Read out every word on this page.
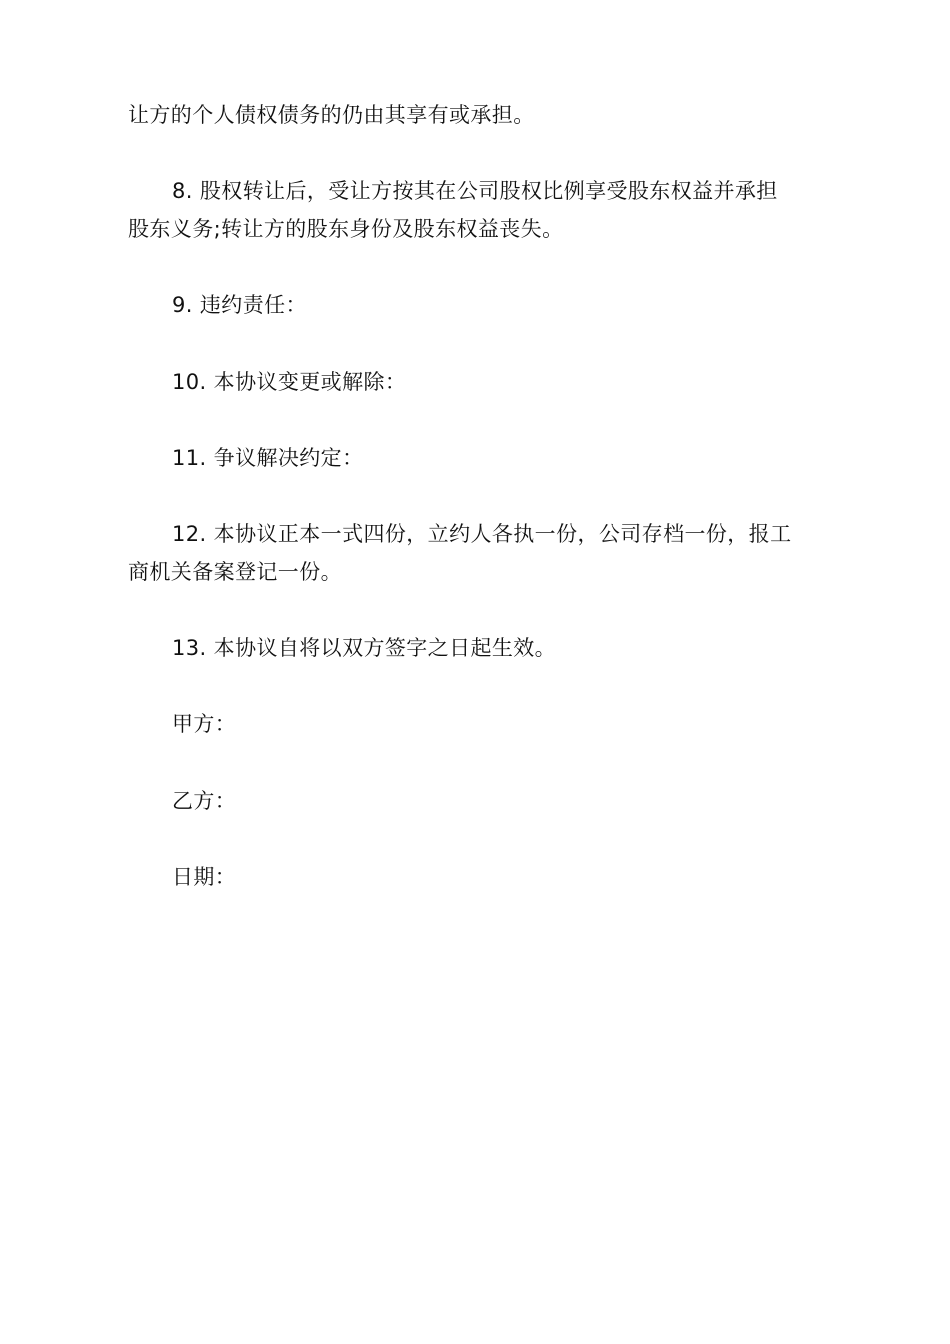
让方的个人债权债务的仍由其享有或承担。
8. 股权转让后，受让方按其在公司股权比例享受股东权益并承担
股东义务;转让方的股东身份及股东权益丧失。
9. 违约责任：
10. 本协议变更或解除：
11. 争议解决约定：
12. 本协议正本一式四份，立约人各执一份，公司存档一份，报工
商机关备案登记一份。
13. 本协议自将以双方签字之日起生效。
甲方：
乙方：
日期：
